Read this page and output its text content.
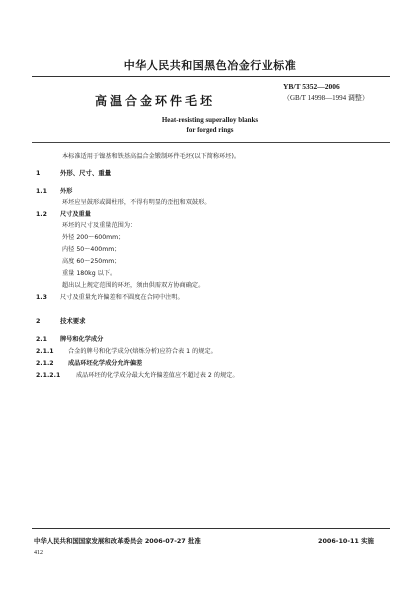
中华人民共和国黑色冶金行业标准
YB/T 5352—2006
（GB/T 14998—1994 调整）
高温合金环件毛坯
Heat-resisting superalloy blanks
for forged rings
本标准适用于镍基和铁基高温合金锻制环件毛坯(以下简称环坯)。
1	外形、尺寸、重量
1.1 外形
环坯应呈鼓形或圆柱形，不得有明显的歪扭和双鼓形。
1.2 尺寸及重量
环坯的尺寸及重量范围为：
外径 200～600mm；
内径 50～400mm；
高度 60～250mm；
重量 180kg 以下。
超出以上规定范围的环坯，须由供需双方协商确定。
1.3 尺寸及重量允许偏差和不圆度在合同中注明。
2	技术要求
2.1 牌号和化学成分
2.1.1 合金的牌号和化学成分(熔炼分析)应符合表 1 的规定。
2.1.2 成品环坯化学成分允许偏差
2.1.2.1	成品环坯的化学成分最大允许偏差值应不超过表 2 的规定。
中华人民共和国国家发展和改革委员会 2006-07-27 批准	2006-10-11 实施
412
